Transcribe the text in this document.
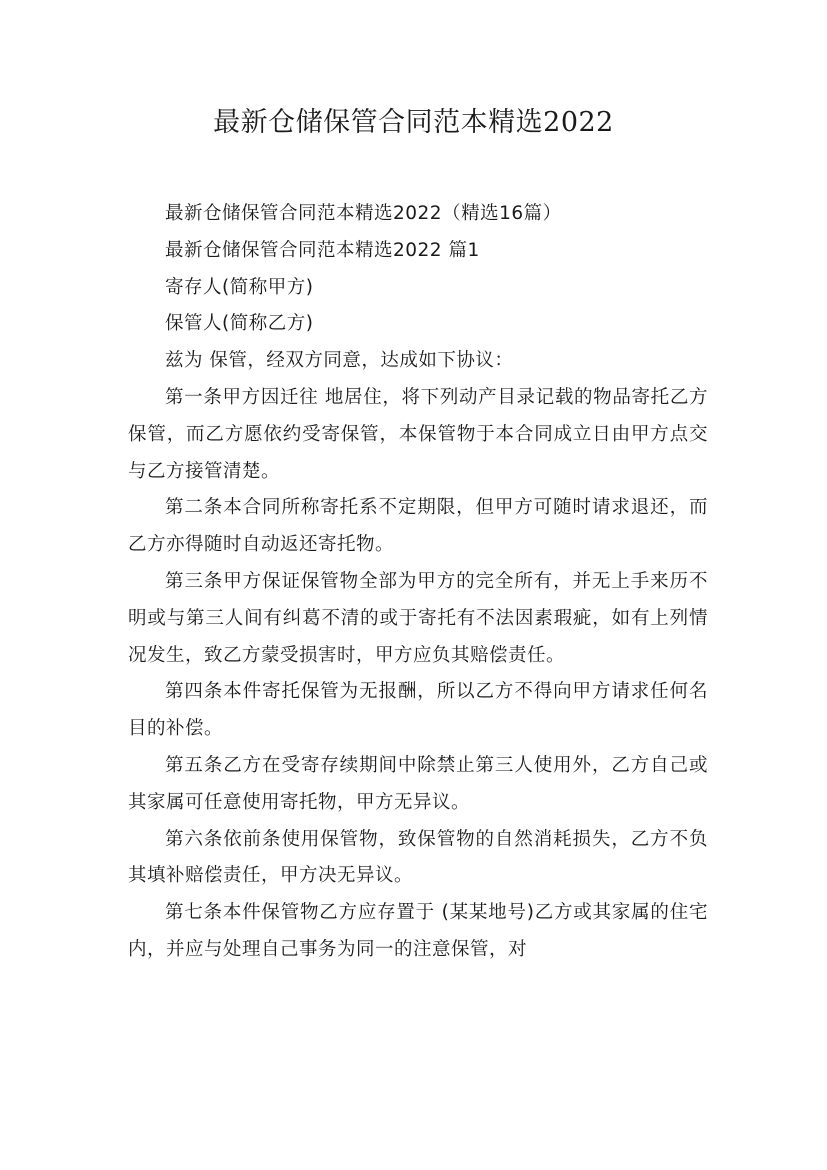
最新仓储保管合同范本精选2022

最新仓储保管合同范本精选2022（精选16篇）

最新仓储保管合同范本精选2022 篇1

寄存人(简称甲方)

保管人(简称乙方)

兹为 保管，经双方同意，达成如下协议：

第一条甲方因迁往 地居住，将下列动产目录记载的物品寄托乙方保管，而乙方愿依约受寄保管，本保管物于本合同成立日由甲方点交与乙方接管清楚。

第二条本合同所称寄托系不定期限，但甲方可随时请求退还，而乙方亦得随时自动返还寄托物。

第三条甲方保证保管物全部为甲方的完全所有，并无上手来历不明或与第三人间有纠葛不清的或于寄托有不法因素瑕疵，如有上列情况发生，致乙方蒙受损害时，甲方应负其赔偿责任。

第四条本件寄托保管为无报酬，所以乙方不得向甲方请求任何名目的补偿。

第五条乙方在受寄存续期间中除禁止第三人使用外，乙方自己或其家属可任意使用寄托物，甲方无异议。

第六条依前条使用保管物，致保管物的自然消耗损失，乙方不负其填补赔偿责任，甲方决无异议。

第七条本件保管物乙方应存置于 (某某地号)乙方或其家属的住宅内，并应与处理自己事务为同一的注意保管，对
